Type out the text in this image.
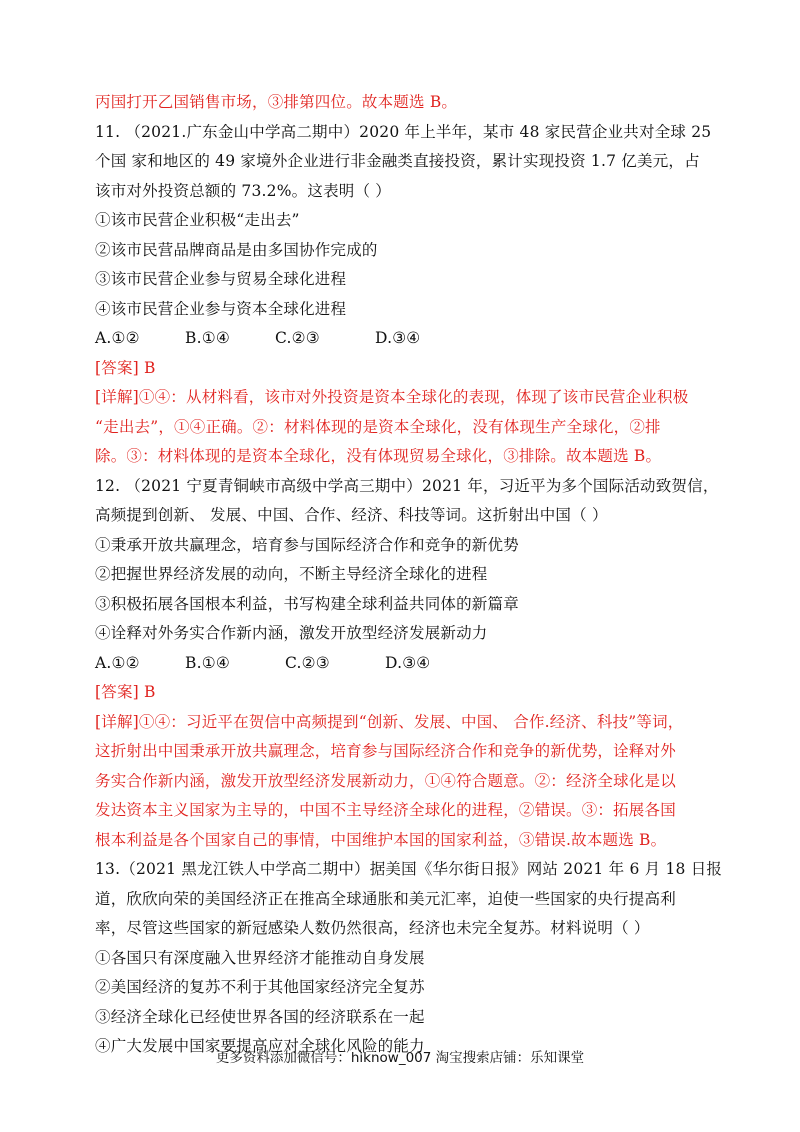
丙国打开乙国销售市场，③排第四位。故本题选 B。
11. （2021.广东金山中学高二期中）2020 年上半年，某市 48 家民营企业共对全球 25
个国 家和地区的 49 家境外企业进行非金融类直接投资，累计实现投资 1.7 亿美元，占
该市对外投资总额的 73.2%。这表明（ ）
①该市民营企业积极“走出去”
②该市民营品牌商品是由多国协作完成的
③该市民营企业参与贸易全球化进程
④该市民营企业参与资本全球化进程
A.①②	B.①④	C.②③	D.③④
[答案] B
[详解]①④：从材料看，该市对外投资是资本全球化的表现，体现了该市民营企业积极
“走出去”，①④正确。②：材料体现的是资本全球化，没有体现生产全球化，②排
除。③：材料体现的是资本全球化，没有体现贸易全球化，③排除。故本题选 B。
12. （2021 宁夏青铜峡市高级中学高三期中）2021 年，习近平为多个国际活动致贺信，
高频提到创新、 发展、中国、合作、经济、科技等词。这折射出中国（ ）
①秉承开放共赢理念，培育参与国际经济合作和竞争的新优势
②把握世界经济发展的动向，不断主导经济全球化的进程
③积极拓展各国根本利益，书写构建全球利益共同体的新篇章
④诠释对外务实合作新内涵，激发开放型经济发展新动力
A.①②	B.①④	C.②③	D.③④
[答案] B
[详解]①④：习近平在贺信中高频提到“创新、发展、中国、 合作.经济、科技”等词，
这折射出中国秉承开放共赢理念，培育参与国际经济合作和竞争的新优势，诠释对外
务实合作新内涵，激发开放型经济发展新动力，①④符合题意。②：经济全球化是以
发达资本主义国家为主导的，中国不主导经济全球化的进程，②错误。③：拓展各国
根本利益是各个国家自己的事情，中国维护本国的国家利益，③错误.故本题选 B。
13.（2021 黑龙江铁人中学高二期中）据美国《华尔街日报》网站 2021 年 6 月 18 日报
道，欣欣向荣的美国经济正在推高全球通胀和美元汇率，迫使一些国家的央行提高利
率，尽管这些国家的新冠感染人数仍然很高，经济也未完全复苏。材料说明（ ）
①各国只有深度融入世界经济才能推动自身发展
②美国经济的复苏不利于其他国家经济完全复苏
③经济全球化已经使世界各国的经济联系在一起
④广大发展中国家要提高应对全球化风险的能力
更多资料添加微信号：hiknow_007 淘宝搜索店铺：乐知课堂
